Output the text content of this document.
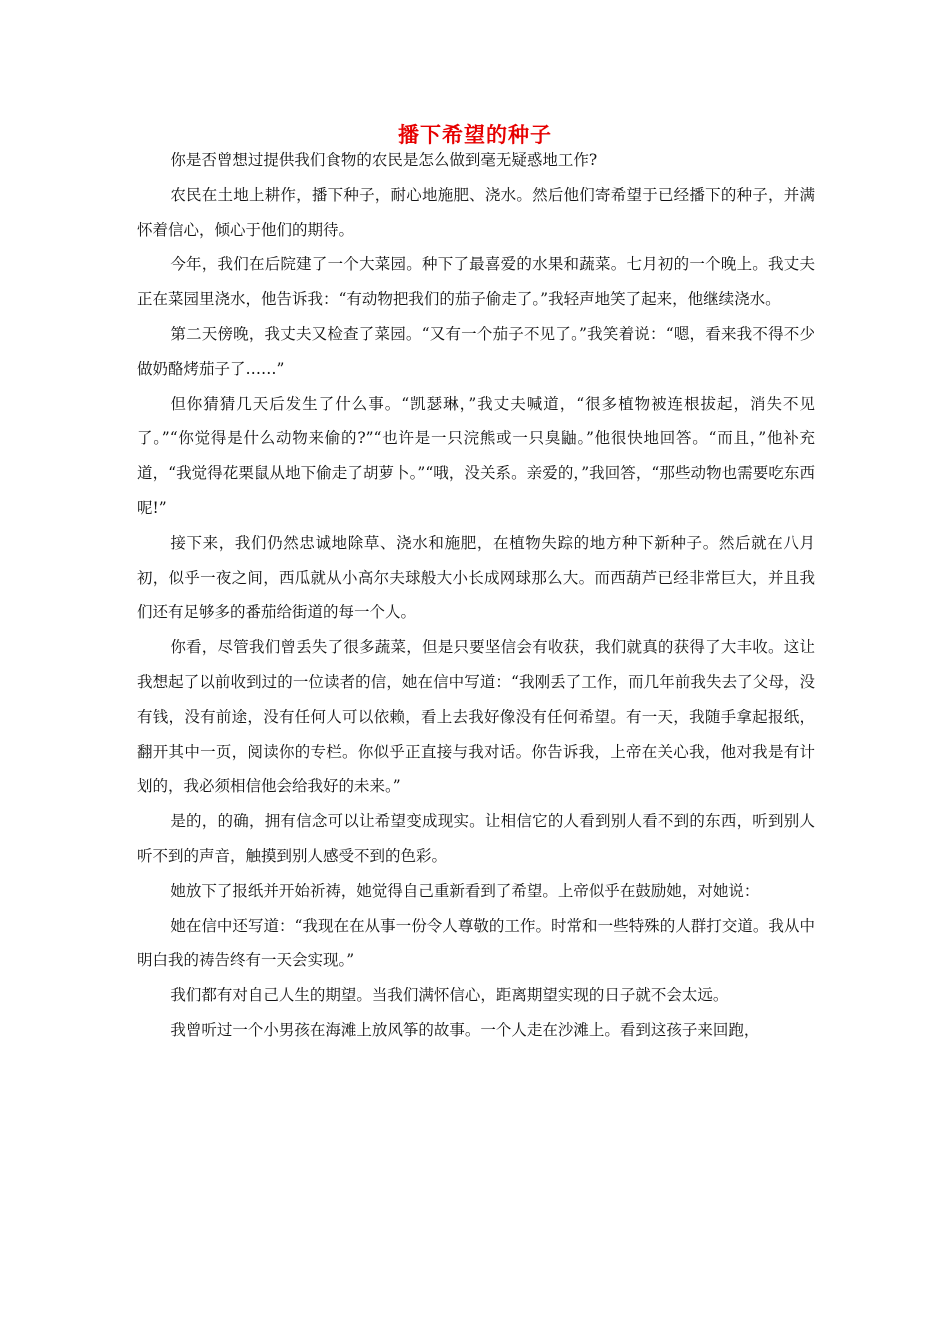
播下希望的种子

你是否曾想过提供我们食物的农民是怎么做到毫无疑惑地工作?

农民在土地上耕作，播下种子，耐心地施肥、浇水。然后他们寄希望于已经播下的种子，并满怀着信心，倾心于他们的期待。

今年，我们在后院建了一个大菜园。种下了最喜爱的水果和蔬菜。七月初的一个晚上。我丈夫正在菜园里浇水，他告诉我：“有动物把我们的茄子偷走了。”我轻声地笑了起来，他继续浇水。

第二天傍晚，我丈夫又检查了菜园。“又有一个茄子不见了。”我笑着说：“嗯，看来我不得不少做奶酪烤茄子了……”

但你猜猜几天后发生了什么事。“凯瑟琳，”我丈夫喊道，“很多植物被连根拔起，消失不见了。”“你觉得是什么动物来偷的?”“也许是一只浣熊或一只臭鼬。”他很快地回答。“而且，”他补充道，“我觉得花栗鼠从地下偷走了胡萝卜。”“哦，没关系。亲爱的，”我回答，“那些动物也需要吃东西呢!”

接下来，我们仍然忠诚地除草、浇水和施肥，在植物失踪的地方种下新种子。然后就在八月初，似乎一夜之间，西瓜就从小高尔夫球般大小长成网球那么大。而西葫芦已经非常巨大，并且我们还有足够多的番茄给街道的每一个人。

你看，尽管我们曾丢失了很多蔬菜，但是只要坚信会有收获，我们就真的获得了大丰收。这让我想起了以前收到过的一位读者的信，她在信中写道：“我刚丢了工作，而几年前我失去了父母，没有钱，没有前途，没有任何人可以依赖，看上去我好像没有任何希望。有一天，我随手拿起报纸，翻开其中一页，阅读你的专栏。你似乎正直接与我对话。你告诉我，上帝在关心我，他对我是有计划的，我必须相信他会给我好的未来。”

是的，的确，拥有信念可以让希望变成现实。让相信它的人看到别人看不到的东西，听到别人听不到的声音，触摸到别人感受不到的色彩。

她放下了报纸并开始祈祷，她觉得自己重新看到了希望。上帝似乎在鼓励她，对她说：

她在信中还写道：“我现在在从事一份令人尊敬的工作。时常和一些特殊的人群打交道。我从中明白我的祷告终有一天会实现。”

我们都有对自己人生的期望。当我们满怀信心，距离期望实现的日子就不会太远。

我曾听过一个小男孩在海滩上放风筝的故事。一个人走在沙滩上。看到这孩子来回跑，
